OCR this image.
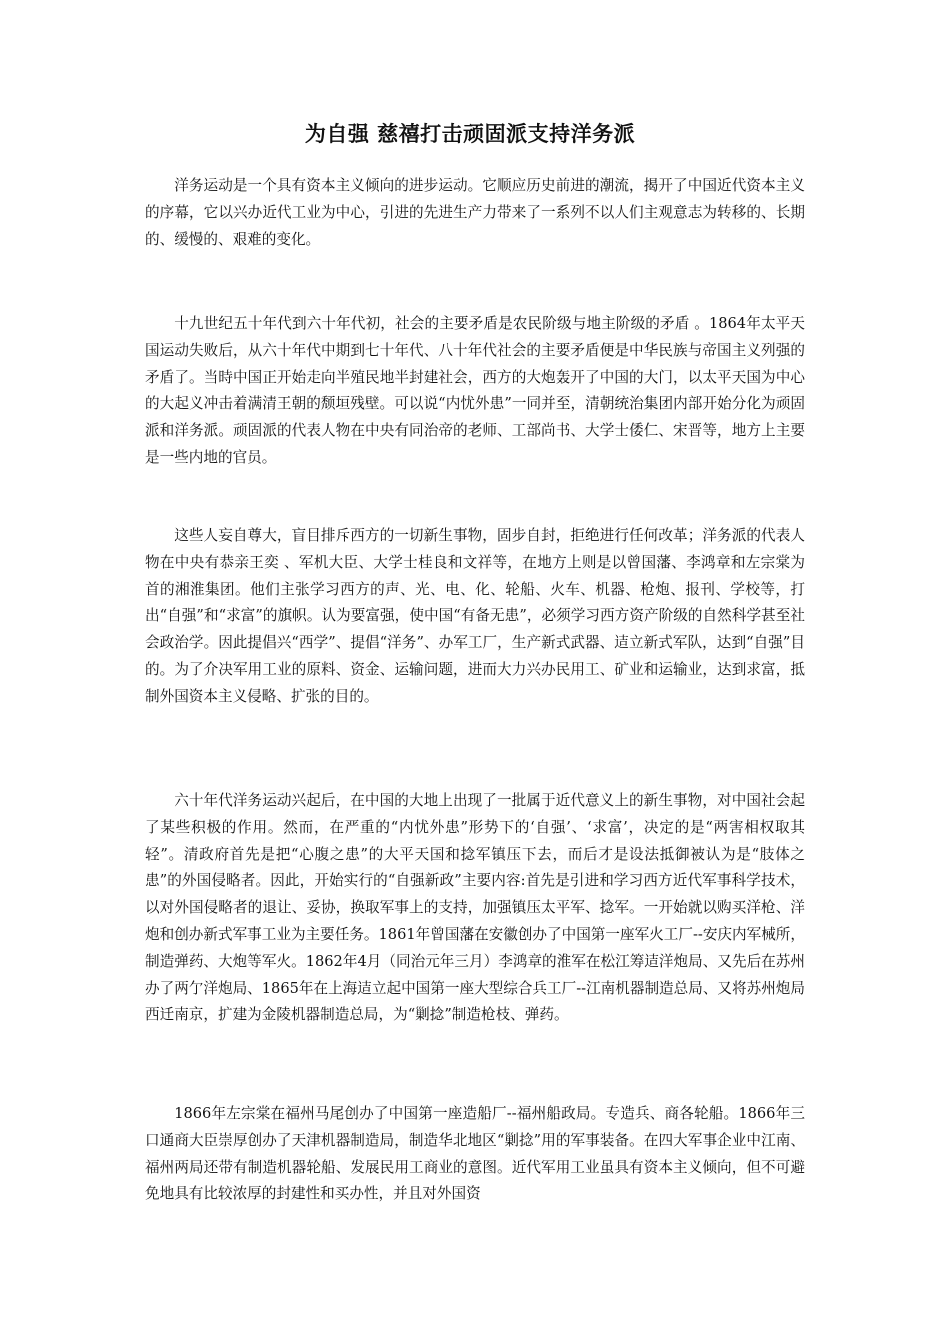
为自强 慈禧打击顽固派支持洋务派

洋务运动是一个具有资本主义倾向的进步运动。它顺应历史前进的潮流，揭开了中国近代资本主义的序幕，它以兴办近代工业为中心，引进的先进生产力带来了一系列不以人们主观意志为转移的、长期的、缓慢的、艰难的变化。

十九世纪五十年代到六十年代初，社会的主要矛盾是农民阶级与地主阶级的矛盾 。1864年太平天国运动失败后，从六十年代中期到七十年代、八十年代社会的主要矛盾便是中华民族与帝国主义列强的矛盾了。当時中国正开始走向半殖民地半封建社会，西方的大炮轰开了中国的大门，以太平天国为中心的大起义冲击着满清王朝的颓垣残壁。可以说“内忧外患”一同并至，清朝统治集团内部开始分化为顽固派和洋务派。顽固派的代表人物在中央有同治帝的老师、工部尚书、大学士倭仁、宋晋等，地方上主要是一些内地的官员。

这些人妄自尊大，盲目排斥西方的一切新生事物，固步自封，拒绝进行任何改革；洋务派的代表人物在中央有恭亲王奕 、军机大臣、大学士桂良和文祥等，在地方上则是以曾国藩、李鸿章和左宗棠为首的湘淮集团。他们主张学习西方的声、光、电、化、轮船、火车、机器、枪炮、报刊、学校等，打出“自强”和“求富”的旗帜。认为要富强，使中国“有备无患”，必须学习西方资产阶级的自然科学甚至社会政治学。因此提倡兴“西学”、提倡“洋务”、办军工厂，生产新式武器、迼立新式军队，达到“自强”目的。为了介决军用工业的原料、资金、运输问题，进而大力兴办民用工、矿业和运输业，达到求富，抵制外国资本主义侵略、扩张的目的。

六十年代洋务运动兴起后，在中国的大地上出现了一批属于近代意义上的新生事物，对中国社会起了某些积极的作用。然而，在严重的“内忧外患”形势下的‘自强’、‘求富’，决定的是“两害相权取其轻”。清政府首先是把“心腹之患”的大平天国和捻军镇压下去，而后才是设法抵御被认为是“肢体之患”的外国侵略者。因此，开始实行的“自强新政”主要内容:首先是引进和学习西方近代军事科学技术，以对外国侵略者的退让、妥协，换取军事上的支持，加强镇压太平军、捻军。一开始就以购买洋枪、洋炮和创办新式军事工业为主要任务。1861年曾国藩在安徽创办了中国第一座军火工厂--安庆内军械所，制造弹药、大炮等军火。1862年4月（同治元年三月）李鸿章的淮军在松江筹迼洋炮局、又先后在苏州办了两亇洋炮局、1865年在上海迼立起中国第一座大型综合兵工厂--江南机器制造总局、又将苏州炮局西迁南京，扩建为金陵机器制造总局，为“剿捻”制造枪枝、弹药。

1866年左宗棠在福州马尾创办了中国第一座造船厂--福州船政局。专造兵、商各轮船。1866年三口通商大臣崇厚创办了天津机器制造局，制造华北地区“剿捻”用的军事装备。在四大军事企业中江南、福州两局还带有制造机器轮船、发展民用工商业的意图。近代军用工业虽具有资本主义倾向，但不可避免地具有比较浓厚的封建性和买办性，并且对外国资
